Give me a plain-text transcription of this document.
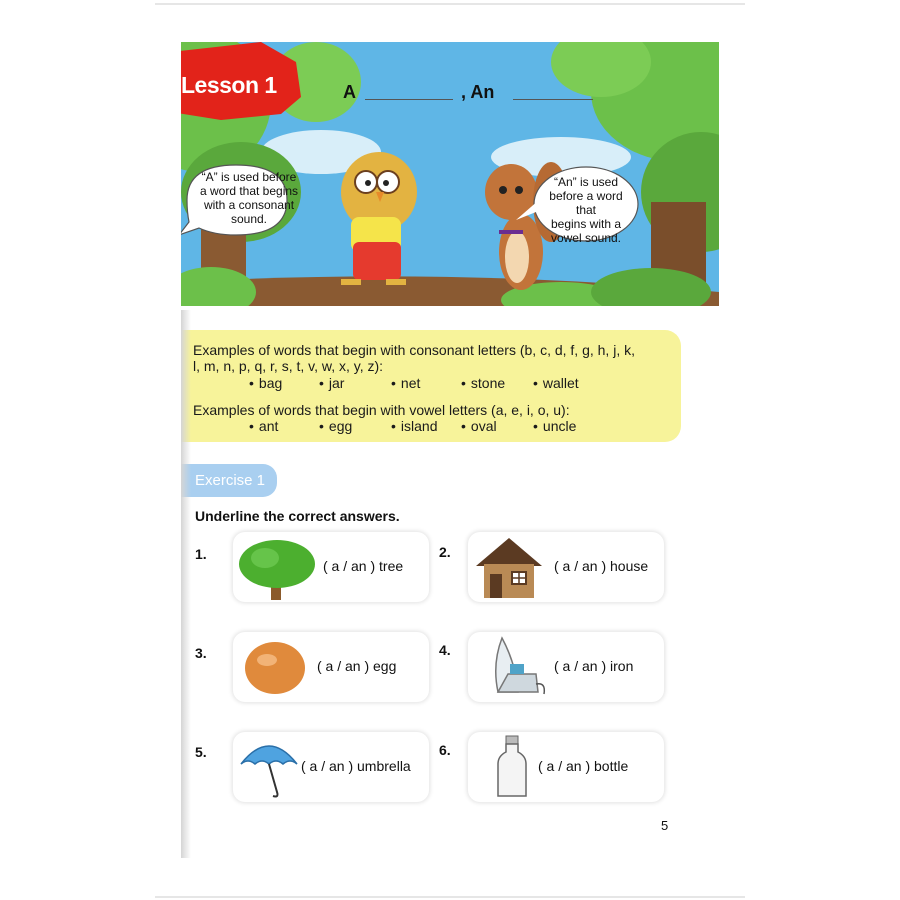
Lesson 1	A	, An
“A” is used before
a word that begins
with a consonant
sound.
“An” is used
before a word that
begins with a
vowel sound.
Examples of words that begin with consonant letters (b, c, d, f, g, h, j, k,
l, m, n, p, q, r, s, t, v, w, x, y, z):
• bag	• jar	• net	• stone • wallet
Examples of words that begin with vowel letters (a, e, i, o, u):
• ant	• egg	• island • oval	• uncle
Exercise 1
Underline the correct answers.
1.
( a / an ) tree
2.
( a / an ) house
3.
( a / an ) egg
4.
( a / an ) iron
5.
( a / an ) umbrella
6.
( a / an ) bottle
5
